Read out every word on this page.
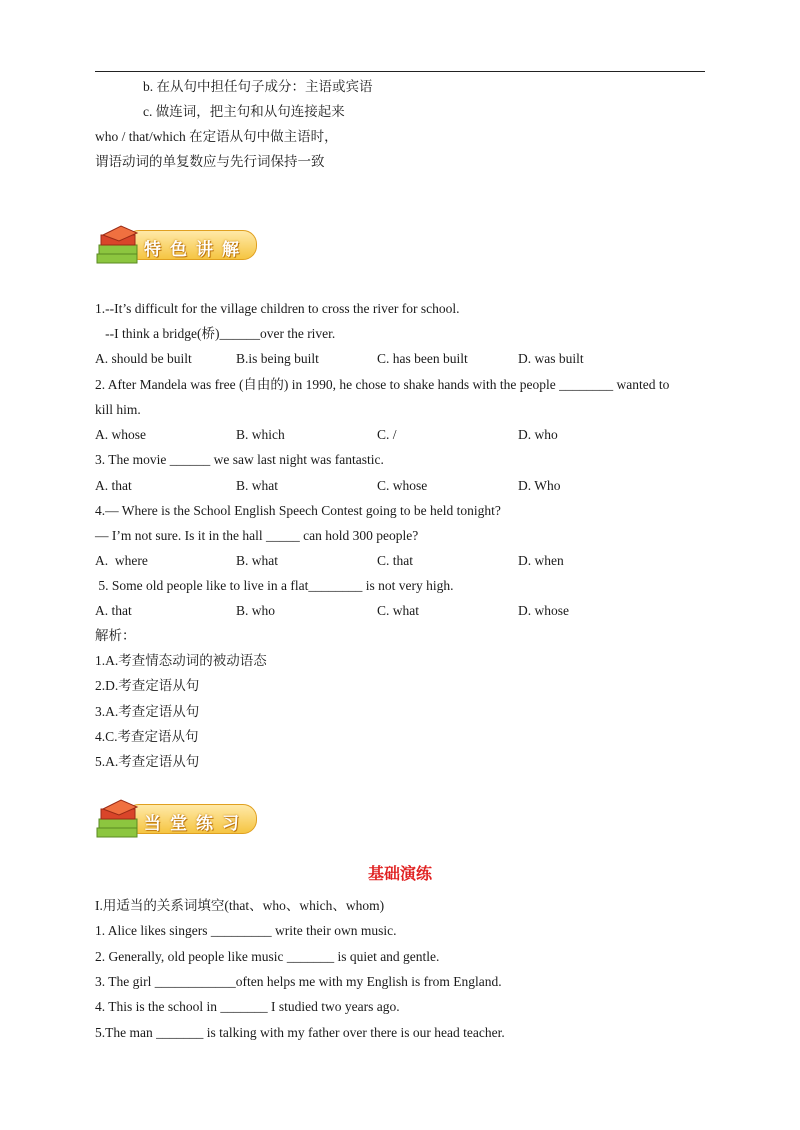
b. 在从句中担任句子成分：主语或宾语
c. 做连词，把主句和从句连接起来
who / that/which 在定语从句中做主语时，
谓语动词的单复数应与先行词保持一致
特色讲解
1.--It’s difficult for the village children to cross the river for school.
--I think a bridge(桥)______over the river.
A. should be built	B.is being built	C. has been built	D. was built
2. After Mandela was free (自由的) in 1990, he chose to shake hands with the people ________ wanted to
kill him.
A. whose	B. which	C. /	D. who
3. The movie ______ we saw last night was fantastic.
A. that	B. what	C. whose	D. Who
4.— Where is the School English Speech Contest going to be held tonight?
— I’m not sure. Is it in the hall _____ can hold 300 people?
A.  where	B. what	C. that	D. when
5. Some old people like to live in a flat________ is not very high.
A. that	B. who	C. what	D. whose
解析：
1.A.考查情态动词的被动语态
2.D.考查定语从句
3.A.考查定语从句
4.C.考查定语从句
5.A.考查定语从句
当堂练习
基础演练
I.用适当的关系词填空(that、who、which、whom)
1. Alice likes singers _________ write their own music.
2. Generally, old people like music _______ is quiet and gentle.
3. The girl ____________often helps me with my English is from England.
4. This is the school in _______ I studied two years ago.
5.The man _______ is talking with my father over there is our head teacher.
